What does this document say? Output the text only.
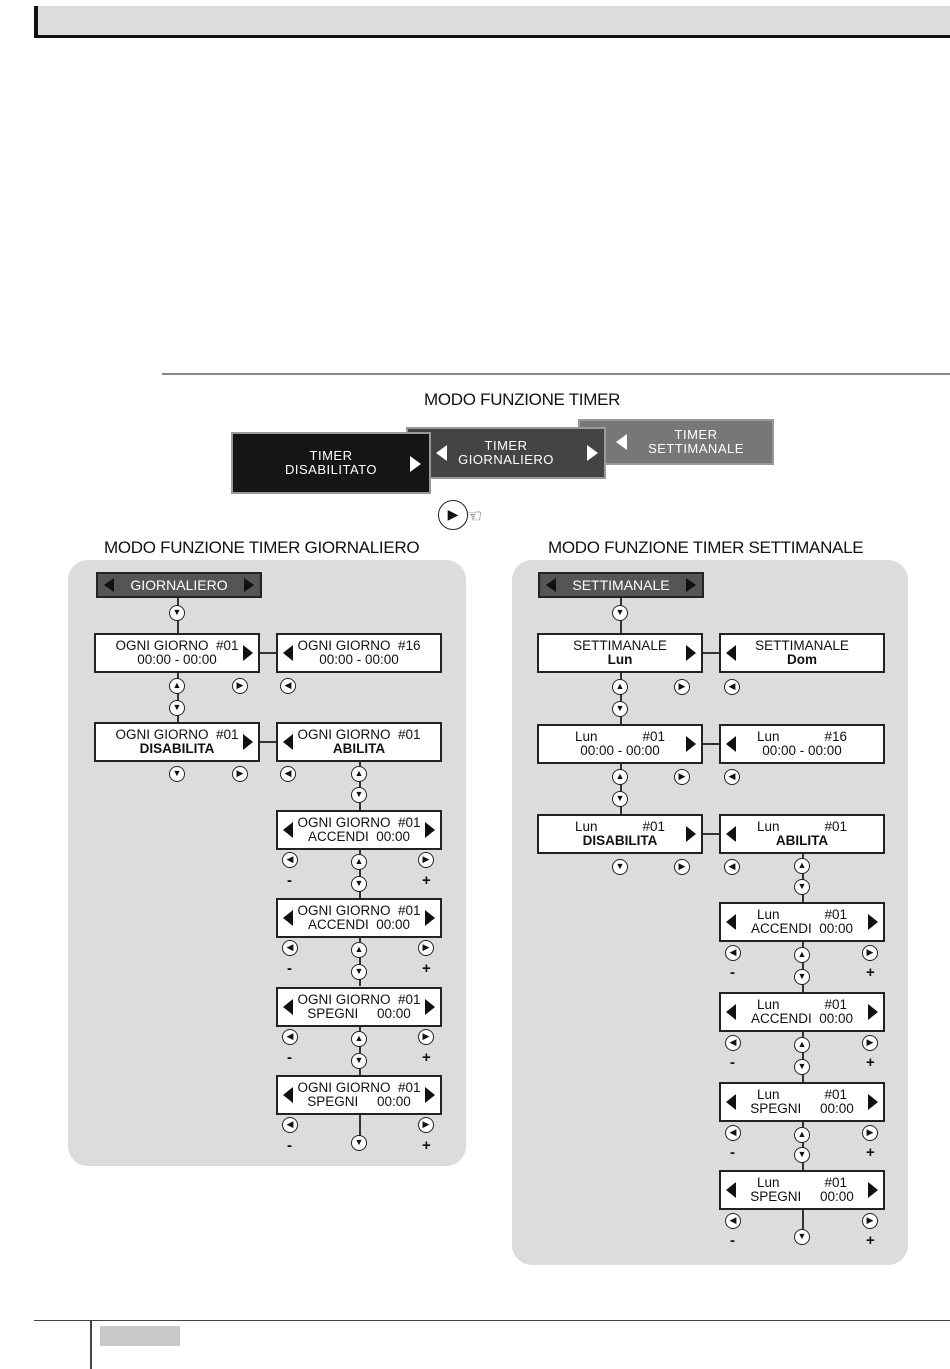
MODO FUNZIONE TIMER
TIMER
SETTIMANALE
TIMER
GIORNALIERO
TIMER
DISABILITATO
▶ ☜
MODO FUNZIONE TIMER GIORNALIERO	MODO FUNZIONE TIMER SETTIMANALE
GIORNALIERO
▼
OGNI GIORNO  #01
00:00 - 00:00
OGNI GIORNO  #16
00:00 - 00:00
▲
▼
▶	◀
OGNI GIORNO  #01
DISABILITA
OGNI GIORNO  #01
ABILITA
▼	▶	◀	▲
▼
OGNI GIORNO  #01
ACCENDI  00:00
◀
-
▲
▼
▶
+
OGNI GIORNO  #01
ACCENDI  00:00
◀
-
▲
▼
▶
+
OGNI GIORNO  #01
SPEGNI     00:00
◀
-
▲
▼
▶
+
OGNI GIORNO  #01
SPEGNI     00:00
◀
-	▼
▶
+
SETTIMANALE
▼
SETTIMANALE
Lun
SETTIMANALE
Dom
▲
▼
▶	◀
Lun            #01
00:00 - 00:00
Lun            #16
00:00 - 00:00
▲
▼
▶	◀
Lun            #01
DISABILITA
Lun            #01
ABILITA
▼	▶	◀	▲
▼
Lun            #01
ACCENDI  00:00
◀
-
▲
▼
▶
+
Lun            #01
ACCENDI  00:00
◀
-
▲
▼
▶
+
Lun            #01
SPEGNI     00:00
◀
-
▲
▼
▶
+
Lun            #01
SPEGNI     00:00
◀
-	▼
▶
+
